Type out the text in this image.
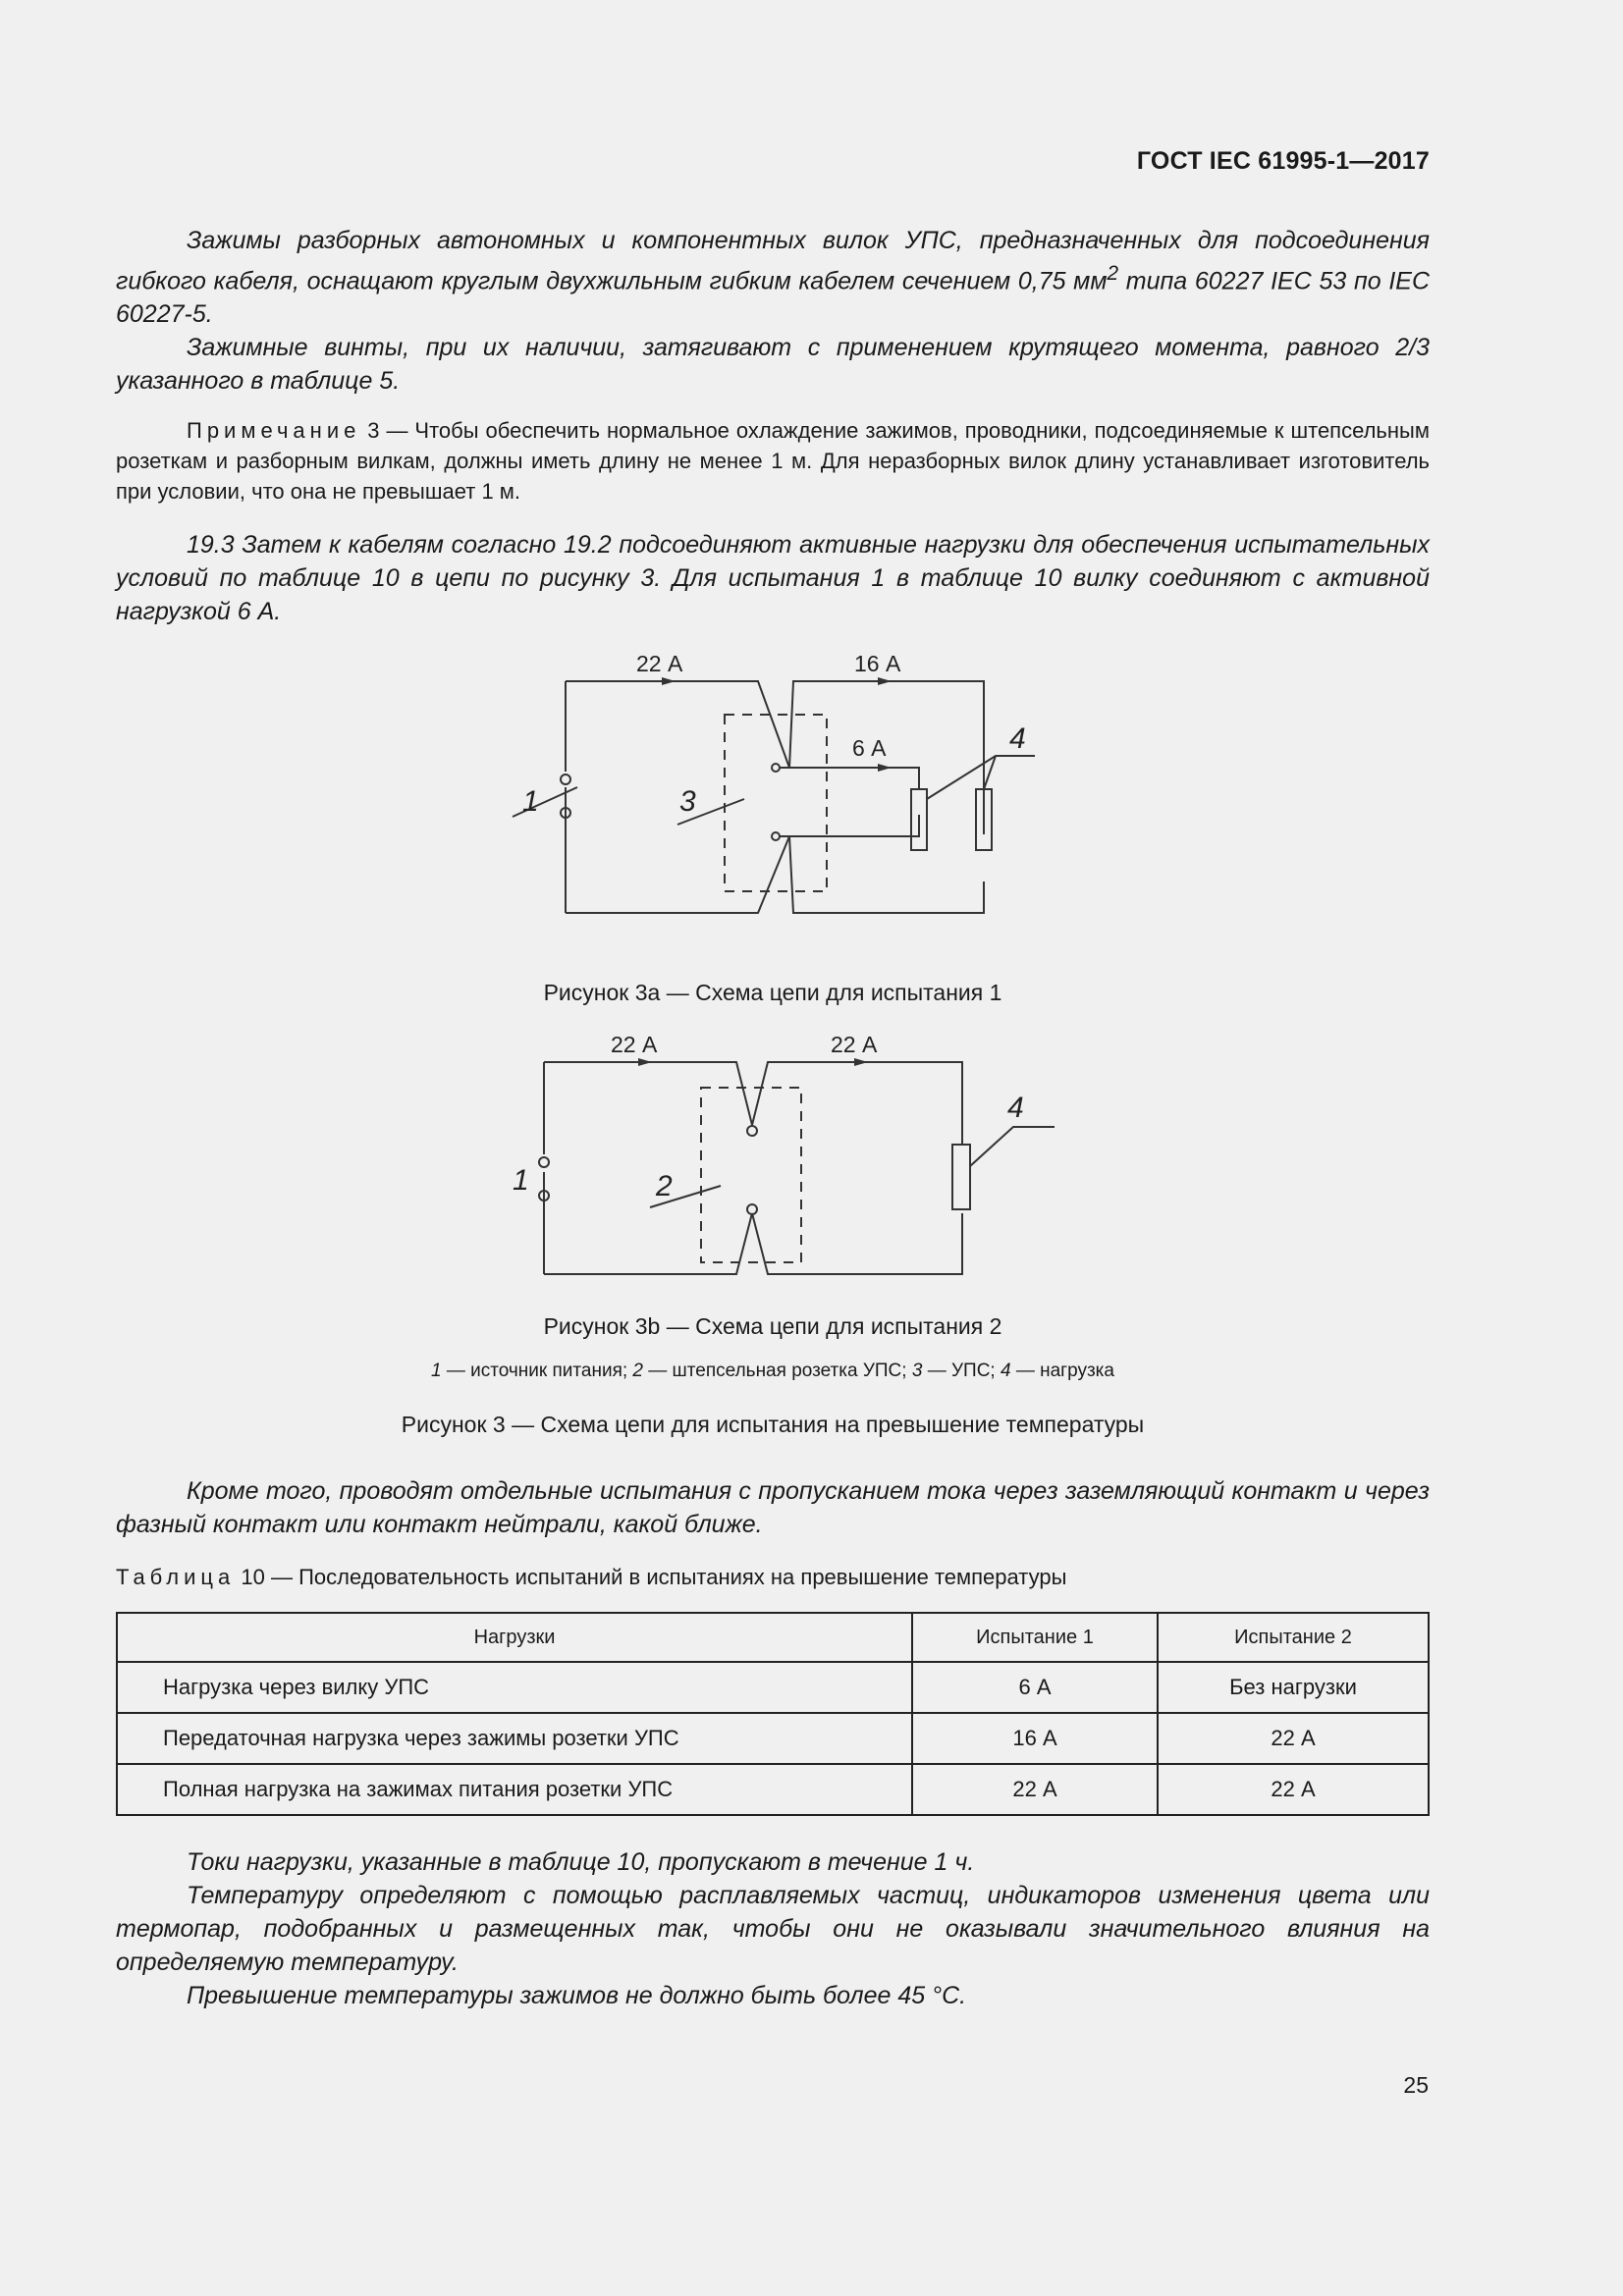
ГОСТ IEC 61995-1—2017

Зажимы разборных автономных и компонентных вилок УПС, предназначенных для подсоединения гибкого кабеля, оснащают круглым двухжильным гибким кабелем сечением 0,75 $мм^2$ типа 60227 IEC 53 по IEC 60227-5.

Зажимные винты, при их наличии, затягивают с применением крутящего момента, равного 2/3 указанного в таблице 5.

Примечание 3 — Чтобы обеспечить нормальное охлаждение зажимов, проводники, подсоединяемые к штепсельным розеткам и разборным вилкам, должны иметь длину не менее 1 м. Для неразборных вилок длину устанавливает изготовитель при условии, что она не превышает 1 м.

19.3 Затем к кабелям согласно 19.2 подсоединяют активные нагрузки для обеспечения испытательных условий по таблице 10 в цепи по рисунку 3. Для испытания 1 в таблице 10 вилку соединяют с активной нагрузкой 6 А.

22 А	16 А
6 А
1	3
4

Рисунок 3а — Схема цепи для испытания 1

22 А	22 А
1	2
4

Рисунок 3b — Схема цепи для испытания 2

1 — источник питания; 2 — штепсельная розетка УПС; 3 — УПС; 4 — нагрузка

Рисунок 3 — Схема цепи для испытания на превышение температуры

Кроме того, проводят отдельные испытания с пропусканием тока через заземляющий контакт и через фазный контакт или контакт нейтрали, какой ближе.

Таблица 10 — Последовательность испытаний в испытаниях на превышение температуры

Нагрузки	Испытание 1	Испытание 2
Нагрузка через вилку УПС	6 А	Без нагрузки
Передаточная нагрузка через зажимы розетки УПС	16 А	22 А
Полная нагрузка на зажимах питания розетки УПС	22 А	22 А

Токи нагрузки, указанные в таблице 10, пропускают в течение 1 ч.

Температуру определяют с помощью расплавляемых частиц, индикаторов изменения цвета или термопар, подобранных и размещенных так, чтобы они не оказывали значительного влияния на определяемую температуру.

Превышение температуры зажимов не должно быть более 45 °С.

25
